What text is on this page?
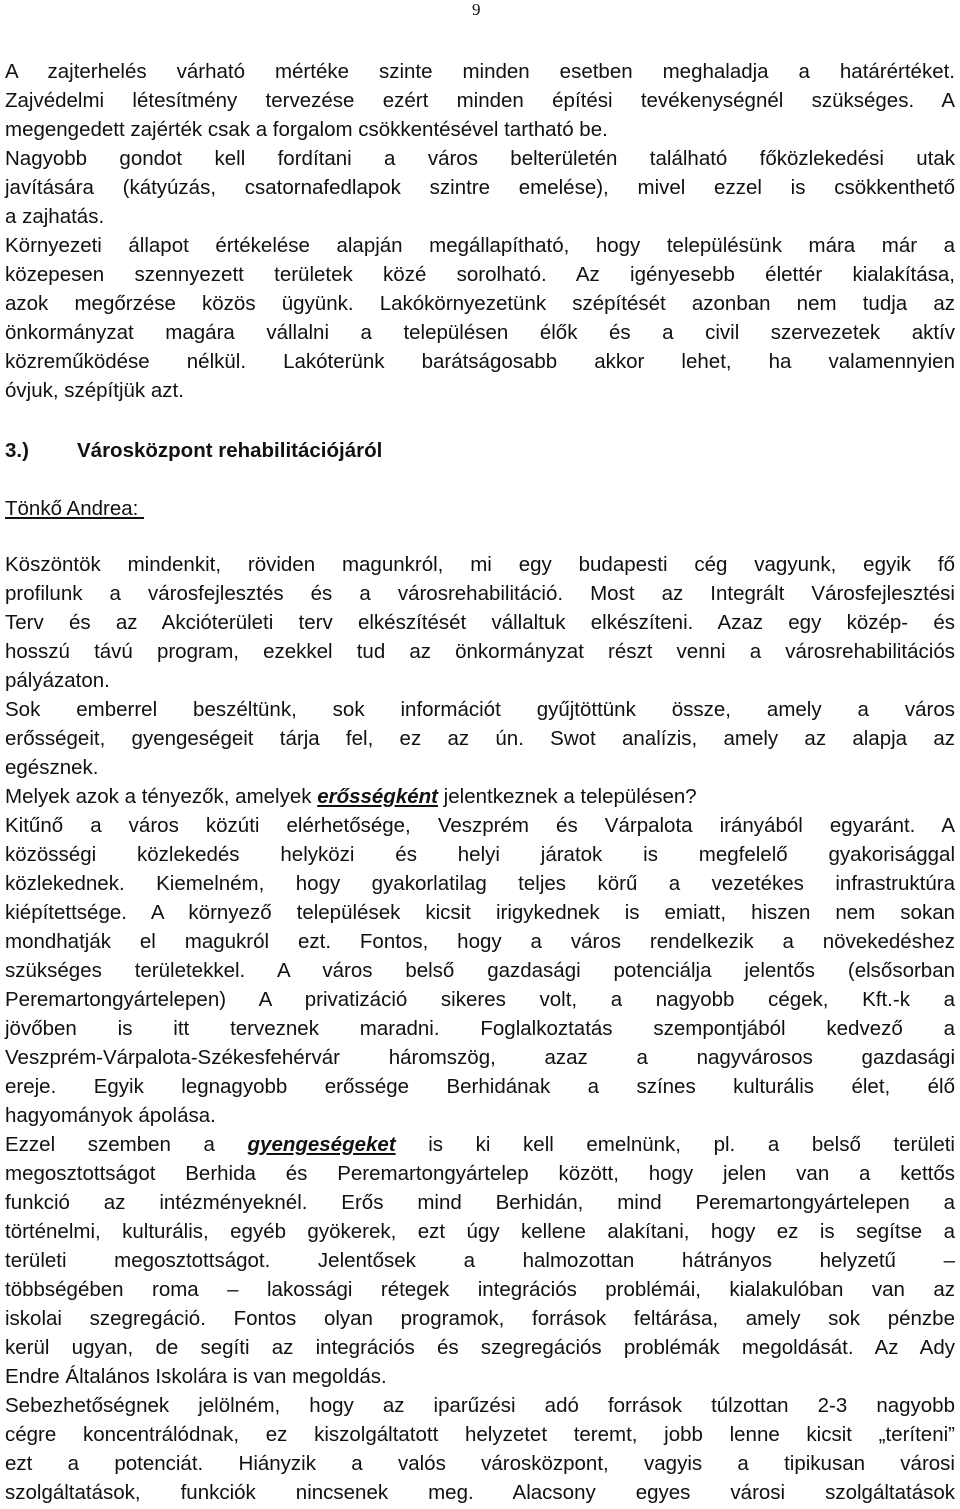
9
A zajterhelés várható mértéke szinte minden esetben meghaladja a határértéket.
Zajvédelmi létesítmény tervezése ezért minden építési tevékenységnél szükséges. A
megengedett zajérték csak a forgalom csökkentésével tartható be.
Nagyobb gondot kell fordítani a város belterületén található főközlekedési utak
javítására (kátyúzás, csatornafedlapok szintre emelése), mivel ezzel is csökkenthető
a zajhatás.
Környezeti állapot értékelése alapján megállapítható, hogy településünk mára már a
közepesen szennyezett területek közé sorolható. Az igényesebb élettér kialakítása,
azok megőrzése közös ügyünk. Lakókörnyezetünk szépítését azonban nem tudja az
önkormányzat magára vállalni a településen élők és a civil szervezetek aktív
közreműködése nélkül. Lakóterünk barátságosabb akkor lehet, ha valamennyien
óvjuk, szépítjük azt.
3.) Városközpont rehabilitációjáról
Tönkő Andrea:
Köszöntök mindenkit, röviden magunkról, mi egy budapesti cég vagyunk, egyik fő
profilunk a városfejlesztés és a városrehabilitáció. Most az Integrált Városfejlesztési
Terv és az Akcióterületi terv elkészítését vállaltuk elkészíteni. Azaz egy közép- és
hosszú távú program, ezekkel tud az önkormányzat részt venni a városrehabilitációs
pályázaton.
Sok emberrel beszéltünk, sok információt gyűjtöttünk össze, amely a város
erősségeit, gyengeségeit tárja fel, ez az ún. Swot analízis, amely az alapja az
egésznek.
Melyek azok a tényezők, amelyek erősségként jelentkeznek a településen?
Kitűnő a város közúti elérhetősége, Veszprém és Várpalota irányából egyaránt. A
közösségi közlekedés helyközi és helyi járatok is megfelelő gyakorisággal
közlekednek. Kiemelném, hogy gyakorlatilag teljes körű a vezetékes infrastruktúra
kiépítettsége. A környező települések kicsit irigykednek is emiatt, hiszen nem sokan
mondhatják el magukról ezt. Fontos, hogy a város rendelkezik a növekedéshez
szükséges területekkel. A város belső gazdasági potenciálja jelentős (elsősorban
Peremartongyártelepen) A privatizáció sikeres volt, a nagyobb cégek, Kft.-k a
jövőben is itt terveznek maradni. Foglalkoztatás szempontjából kedvező a
Veszprém-Várpalota-Székesfehérvár háromszög, azaz a nagyvárosos gazdasági
ereje. Egyik legnagyobb erőssége Berhidának a színes kulturális élet, élő
hagyományok ápolása.
Ezzel szemben a gyengeségeket is ki kell emelnünk, pl. a belső területi
megosztottságot Berhida és Peremartongyártelep között, hogy jelen van a kettős
funkció az intézményeknél. Erős mind Berhidán, mind Peremartongyártelepen a
történelmi, kulturális, egyéb gyökerek, ezt úgy kellene alakítani, hogy ez is segítse a
területi megosztottságot. Jelentősek a halmozottan hátrányos helyzetű –
többségében roma – lakossági rétegek integrációs problémái, kialakulóban van az
iskolai szegregáció. Fontos olyan programok, források feltárása, amely sok pénzbe
kerül ugyan, de segíti az integrációs és szegregációs problémák megoldását. Az Ady
Endre Általános Iskolára is van megoldás.
Sebezhetőségnek jelölném, hogy az iparűzési adó források túlzottan 2-3 nagyobb
cégre koncentrálódnak, ez kiszolgáltatott helyzetet teremt, jobb lenne kicsit „teríteni”
ezt a potenciát. Hiányzik a valós városközpont, vagyis a tipikusan városi
szolgáltatások, funkciók nincsenek meg. Alacsony egyes városi szolgáltatások
